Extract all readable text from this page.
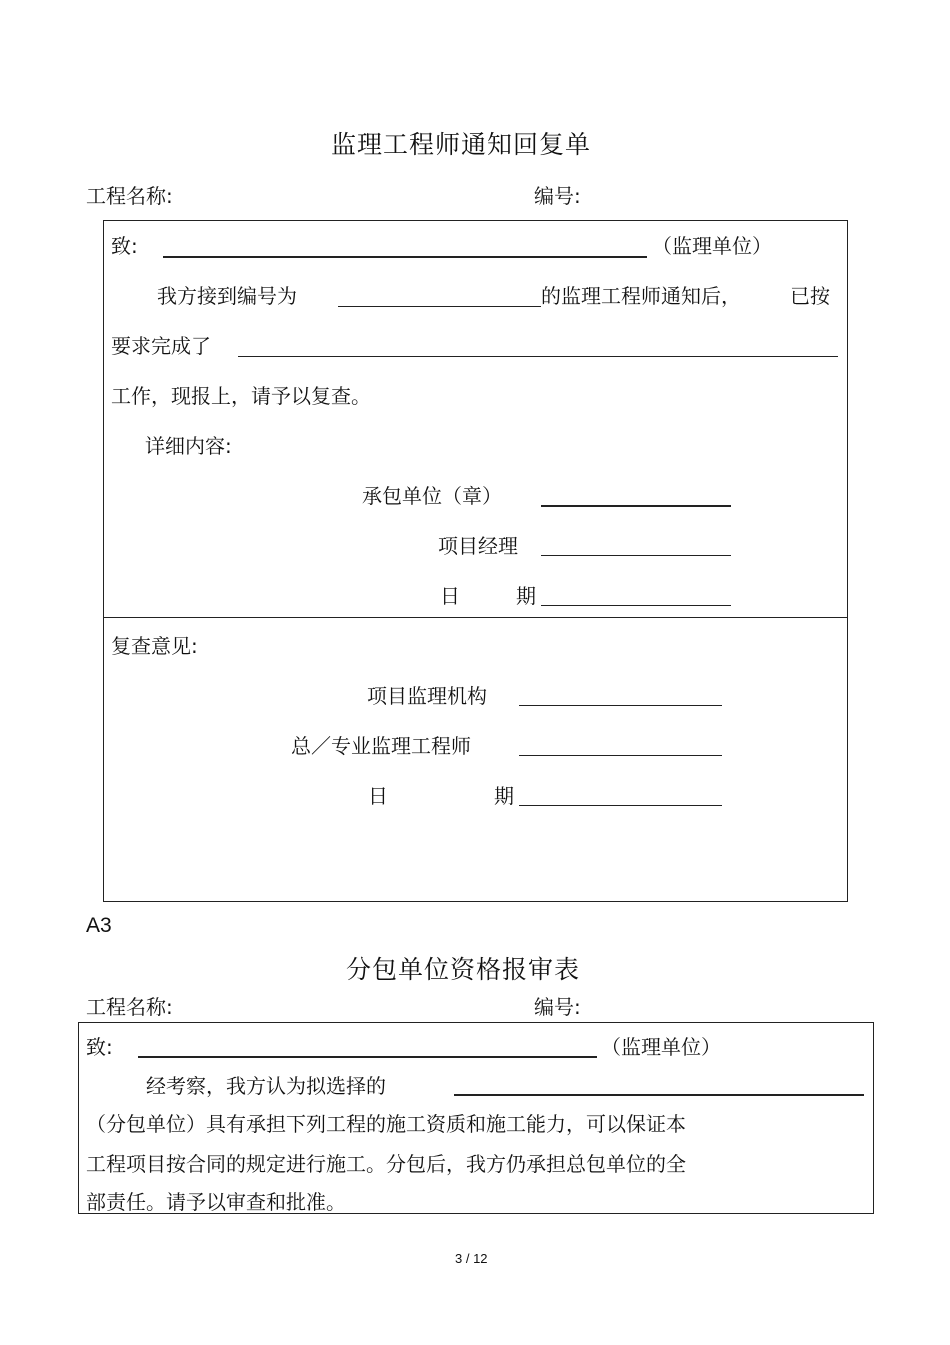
监理工程师通知回复单
工程名称:	编号:
致:	（监理单位）
我方接到编号为	的监理工程师通知后， 已按
要求完成了
工作，现报上，请予以复查。
详细内容:
承包单位（章）
项目经理
日	期
复查意见:
项目监理机构
总／专业监理工程师
日	期
A3
分包单位资格报审表
工程名称:	编号:
致:	（监理单位）
经考察，我方认为拟选择的
（分包单位）具有承担下列工程的施工资质和施工能力，可以保证本
工程项目按合同的规定进行施工。分包后，我方仍承担总包单位的全
部责任。请予以审查和批准。
3 / 12
